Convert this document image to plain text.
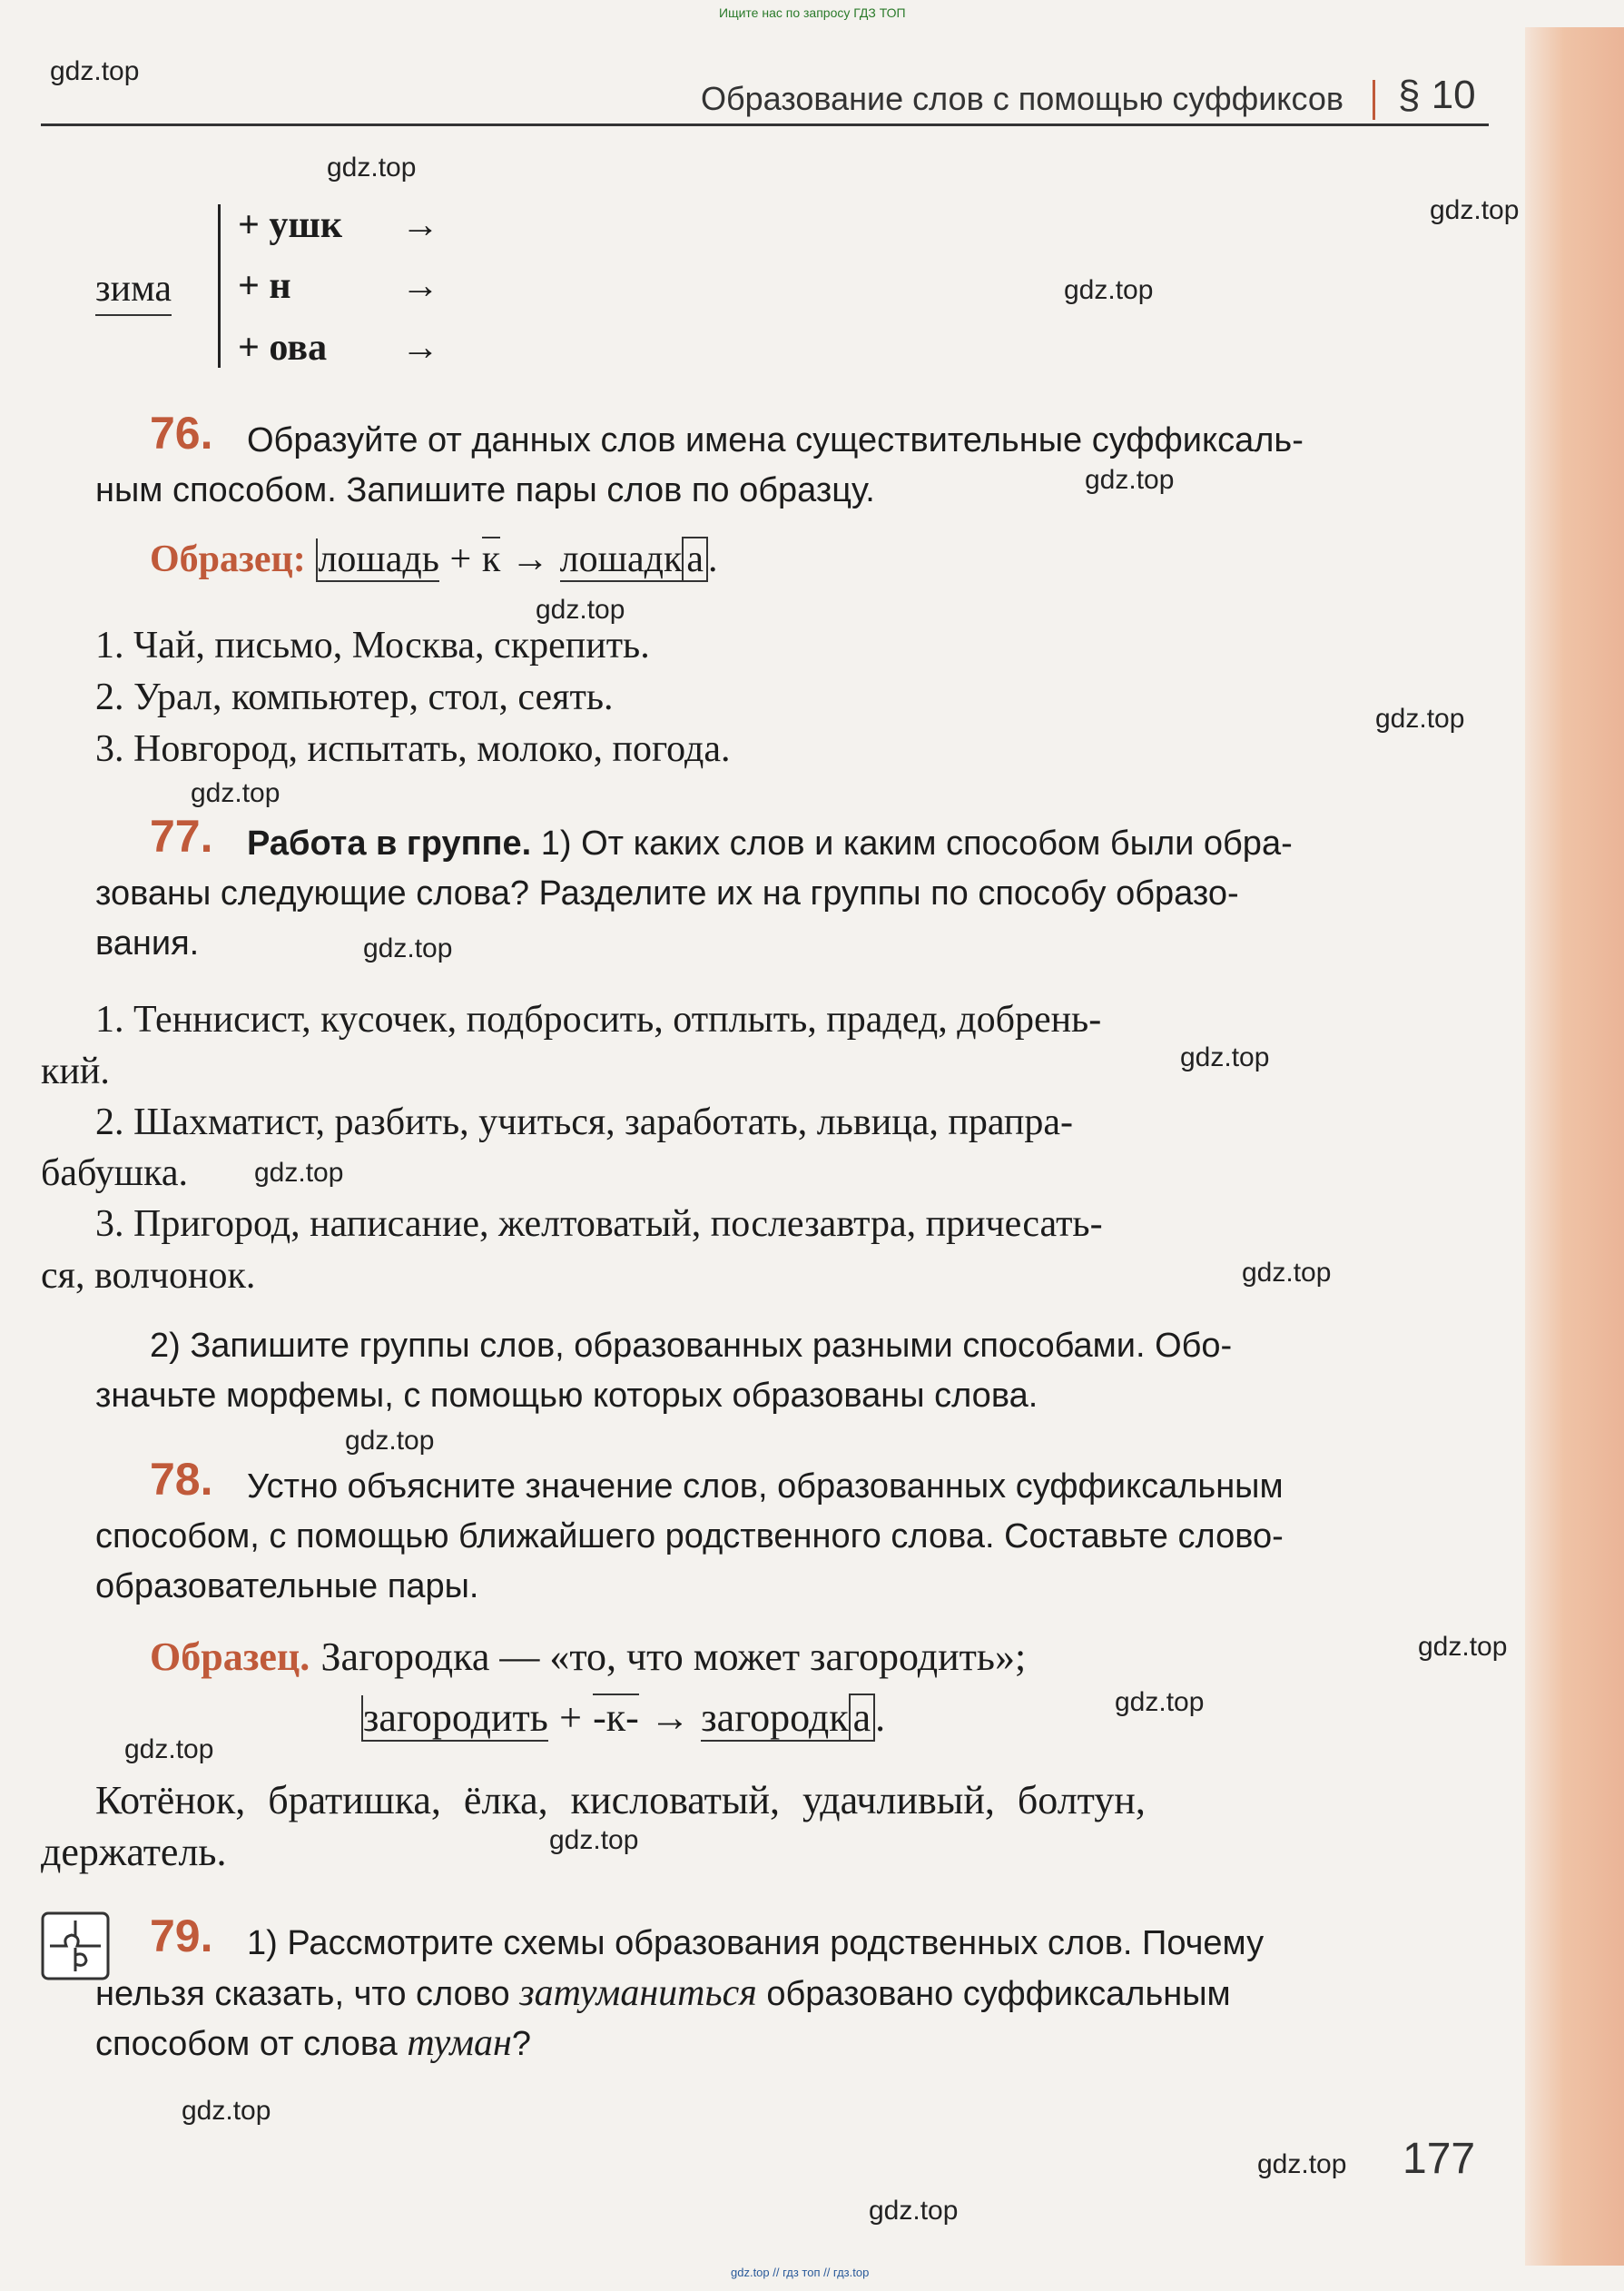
Ищите нас по запросу ГДЗ ТОП
Образование слов с помощью суффиксов § 10
gdz.top
gdz.top
gdz.top
gdz.top
gdz.top
gdz.top
gdz.top
gdz.top
gdz.top
gdz.top
gdz.top
gdz.top
gdz.top
gdz.top
gdz.top
gdz.top
gdz.top
gdz.top
gdz.top
gdz.top
зима
+ ушк
+ н
+ ова
→
→
→
76. Образуйте от данных слов имена существительные суффиксаль-
ным способом. Запишите пары слов по образцу.
Образец: лошадь + к → лошадк а .
1. Чай, письмо, Москва, скрепить.
2. Урал, компьютер, стол, сеять.
3. Новгород, испытать, молоко, погода.
77. Работа в группе. 1) От каких слов и каким способом были обра-
зованы следующие слова? Разделите их на группы по способу образо-
вания.
1. Теннисист, кусочек, подбросить, отплыть, прадед, добрень-
кий.
2. Шахматист, разбить, учиться, заработать, львица, прапра-
бабушка.
3. Пригород, написание, желтоватый, послезавтра, причесать-
ся, волчонок.
2) Запишите группы слов, образованных разными способами. Обо-
значьте морфемы, с помощью которых образованы слова.
78. Устно объясните значение слов, образованных суффиксальным
способом, с помощью ближайшего родственного слова. Составьте слово-
образовательные пары.
Образец. Загородка — «то, что может загородить»;
загородить + -к- → загородк а .
Котёнок, братишка, ёлка, кисловатый, удачливый, болтун,
держатель.
79. 1) Рассмотрите схемы образования родственных слов. Почему
нельзя сказать, что слово затуманиться образовано суффиксальным
способом от слова туман?
177
gdz.top // гдз топ // гдз.top
